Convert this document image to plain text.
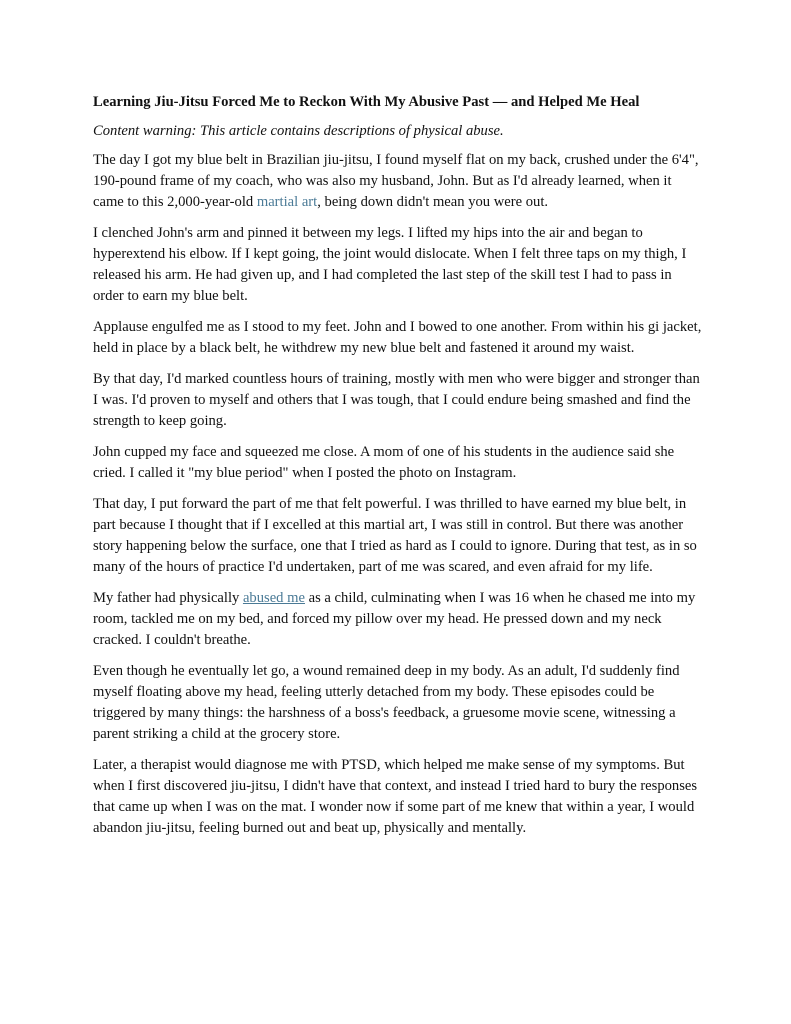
Learning Jiu-Jitsu Forced Me to Reckon With My Abusive Past — and Helped Me Heal

Content warning: This article contains descriptions of physical abuse.

The day I got my blue belt in Brazilian jiu-jitsu, I found myself flat on my back, crushed under the 6'4", 190-pound frame of my coach, who was also my husband, John. But as I'd already learned, when it came to this 2,000-year-old martial art, being down didn't mean you were out.

I clenched John's arm and pinned it between my legs. I lifted my hips into the air and began to hyperextend his elbow. If I kept going, the joint would dislocate. When I felt three taps on my thigh, I released his arm. He had given up, and I had completed the last step of the skill test I had to pass in order to earn my blue belt.

Applause engulfed me as I stood to my feet. John and I bowed to one another. From within his gi jacket, held in place by a black belt, he withdrew my new blue belt and fastened it around my waist.

By that day, I'd marked countless hours of training, mostly with men who were bigger and stronger than I was. I'd proven to myself and others that I was tough, that I could endure being smashed and find the strength to keep going.

John cupped my face and squeezed me close. A mom of one of his students in the audience said she cried. I called it "my blue period" when I posted the photo on Instagram.

That day, I put forward the part of me that felt powerful. I was thrilled to have earned my blue belt, in part because I thought that if I excelled at this martial art, I was still in control. But there was another story happening below the surface, one that I tried as hard as I could to ignore. During that test, as in so many of the hours of practice I'd undertaken, part of me was scared, and even afraid for my life.

My father had physically abused me as a child, culminating when I was 16 when he chased me into my room, tackled me on my bed, and forced my pillow over my head. He pressed down and my neck cracked. I couldn't breathe.

Even though he eventually let go, a wound remained deep in my body. As an adult, I'd suddenly find myself floating above my head, feeling utterly detached from my body. These episodes could be triggered by many things: the harshness of a boss's feedback, a gruesome movie scene, witnessing a parent striking a child at the grocery store.

Later, a therapist would diagnose me with PTSD, which helped me make sense of my symptoms. But when I first discovered jiu-jitsu, I didn't have that context, and instead I tried hard to bury the responses that came up when I was on the mat. I wonder now if some part of me knew that within a year, I would abandon jiu-jitsu, feeling burned out and beat up, physically and mentally.
